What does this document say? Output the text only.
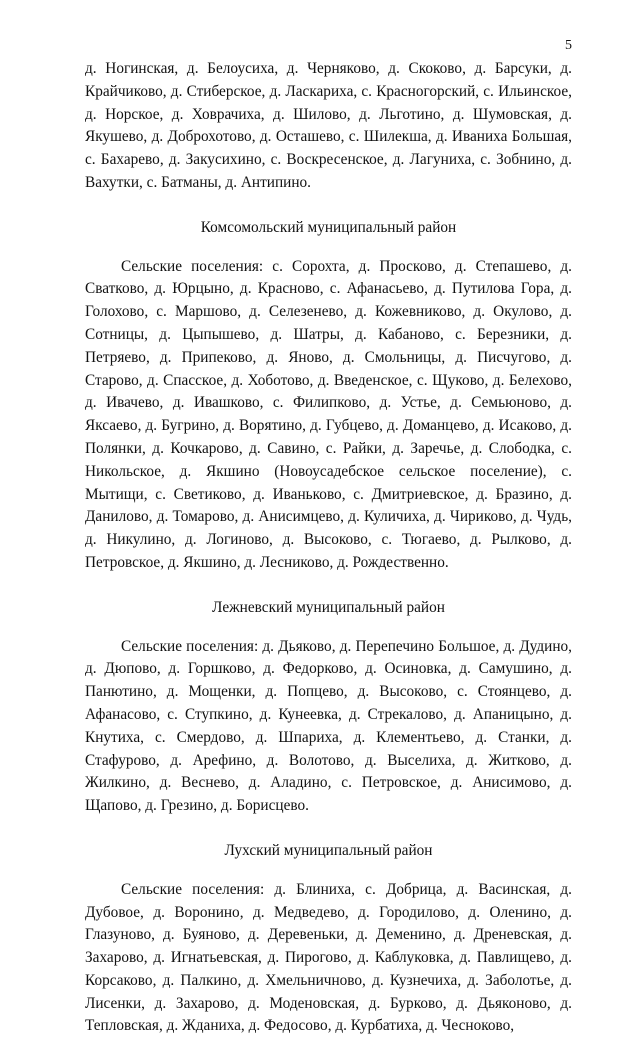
5

д. Ногинская, д. Белоусиха, д. Черняково, д. Скоково, д. Барсуки, д. Крайчиково, д. Стиберское, д. Ласкариха, с. Красногорский, с. Ильинское, д. Норское, д. Ховрачиха, д. Шилово, д. Льготино, д. Шумовская, д. Якушево, д. Доброхотово, д. Осташево, с. Шилекша, д. Иваниха Большая, с. Бахарево, д. Закусихино, с. Воскресенское, д. Лагуниха, с. Зобнино, д. Вахутки, с. Батманы, д. Антипино.

Комсомольский муниципальный район

Сельские поселения: с. Сорохта, д. Просково, д. Степашево, д. Сватково, д. Юрцыно, д. Красново, с. Афанасьево, д. Путилова Гора, д. Голохово, с. Маршово, д. Селезенево, д. Кожевниково, д. Окулово, д. Сотницы, д. Цыпышево, д. Шатры, д. Кабаново, с. Березники, д. Петряево, д. Припеково, д. Яново, д. Смольницы, д. Писчугово, д. Старово, д. Спасское, д. Хоботово, д. Введенское, с. Щуково, д. Белехово, д. Ивачево, д. Ивашково, с. Филипково, д. Устье, д. Семьюново, д. Яксаево, д. Бугрино, д. Ворятино, д. Губцево, д. Доманцево, д. Исаково, д. Полянки, д. Кочкарово, д. Савино, с. Райки, д. Заречье, д. Слободка, с. Никольское, д. Якшино (Новоусадебское сельское поселение), с. Мытищи, с. Светиково, д. Иваньково, с. Дмитриевское, д. Бразино, д. Данилово, д. Томарово, д. Анисимцево, д. Куличиха, д. Чириково, д. Чудь, д. Никулино, д. Логиново, д. Высоково, с. Тюгаево, д. Рылково, д. Петровское, д. Якшино, д. Лесниково, д. Рождественно.

Лежневский муниципальный район

Сельские поселения: д. Дьяково, д. Перепечино Большое, д. Дудино, д. Дюпово, д. Горшково, д. Федорково, д. Осиновка, д. Самушино, д. Панютино, д. Мощенки, д. Попцево, д. Высоково, с. Стоянцево, д. Афанасово, с. Ступкино, д. Кунеевка, д. Стрекалово, д. Апаницыно, д. Кнутиха, с. Смердово, д. Шпариха, д. Клементьево, д. Станки, д. Стафурово, д. Арефино, д. Волотово, д. Выселиха, д. Житково, д. Жилкино, д. Веснево, д. Аладино, с. Петровское, д. Анисимово, д. Щапово, д. Грезино, д. Борисцево.

Лухский муниципальный район

Сельские поселения: д. Блиниха, с. Добрица, д. Васинская, д. Дубовое, д. Воронино, д. Медведево, д. Городилово, д. Оленино, д. Глазуново, д. Буяново, д. Деревеньки, д. Деменино, д. Дреневская, д. Захарово, д. Игнатьевская, д. Пирогово, д. Каблуковка, д. Павлищево, д. Корсаково, д. Палкино, д. Хмельничново, д. Кузнечиха, д. Заболотье, д. Лисенки, д. Захарово, д. Моденовская, д. Бурково, д. Дьяконово, д. Тепловская, д. Жданиха, д. Федосово, д. Курбатиха, д. Чесноково,
